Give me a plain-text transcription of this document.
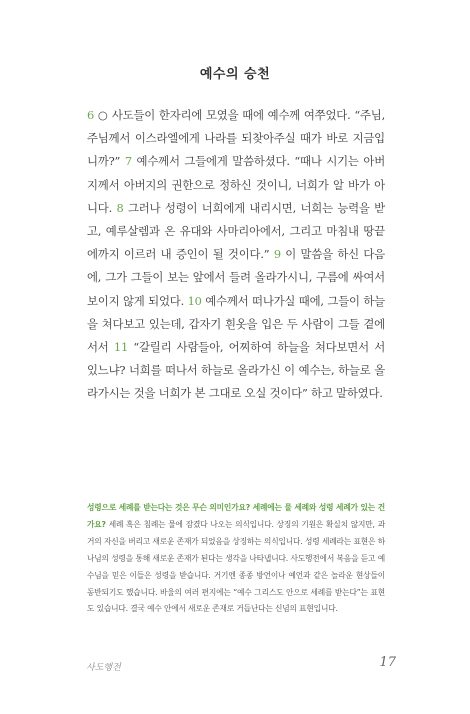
예수의 승천
6 ○ 사도들이 한자리에 모였을 때에 예수께 여쭈었다. “주님, 주님께서 이스라엘에게 나라를 되찾아주실 때가 바로 지금입니까?” 7 예수께서 그들에게 말씀하셨다. “때나 시기는 아버지께서 아버지의 권한으로 정하신 것이니, 너희가 알 바가 아니다. 8 그러나 성령이 너희에게 내리시면, 너희는 능력을 받고, 예루살렘과 온 유대와 사마리아에서, 그리고 마침내 땅끝에까지 이르러 내 증인이 될 것이다.” 9 이 말씀을 하신 다음에, 그가 그들이 보는 앞에서 들려 올라가시니, 구름에 싸여서 보이지 않게 되었다. 10 예수께서 떠나가실 때에, 그들이 하늘을 쳐다보고 있는데, 갑자기 흰옷을 입은 두 사람이 그들 곁에 서서 11 “갈릴리 사람들아, 어찌하여 하늘을 쳐다보면서 서 있느냐? 너희를 떠나서 하늘로 올라가신 이 예수는, 하늘로 올라가시는 것을 너희가 본 그대로 오실 것이다” 하고 말하였다.
성령으로 세례를 받는다는 것은 무슨 의미인가요? 세례에는 물 세례와 성령 세례가 있는 건가요? 세례 혹은 침례는 물에 잠겼다 나오는 의식입니다. 상징의 기원은 확실치 않지만, 과거의 자신을 버리고 새로운 존재가 되었음을 상징하는 의식입니다. 성령 세례라는 표현은 하나님의 성령을 통해 새로운 존재가 된다는 생각을 나타냅니다. 사도행전에서 복음을 듣고 예수님을 믿은 이들은 성령을 받습니다. 거기엔 종종 방언이나 예언과 같은 놀라운 현상들이 동반되기도 했습니다. 바울의 여러 편지에는 “예수 그리스도 안으로 세례를 받는다”는 표현도 있습니다. 결국 예수 안에서 새로운 존재로 거듭난다는 신념의 표현입니다.
사도행전	17
